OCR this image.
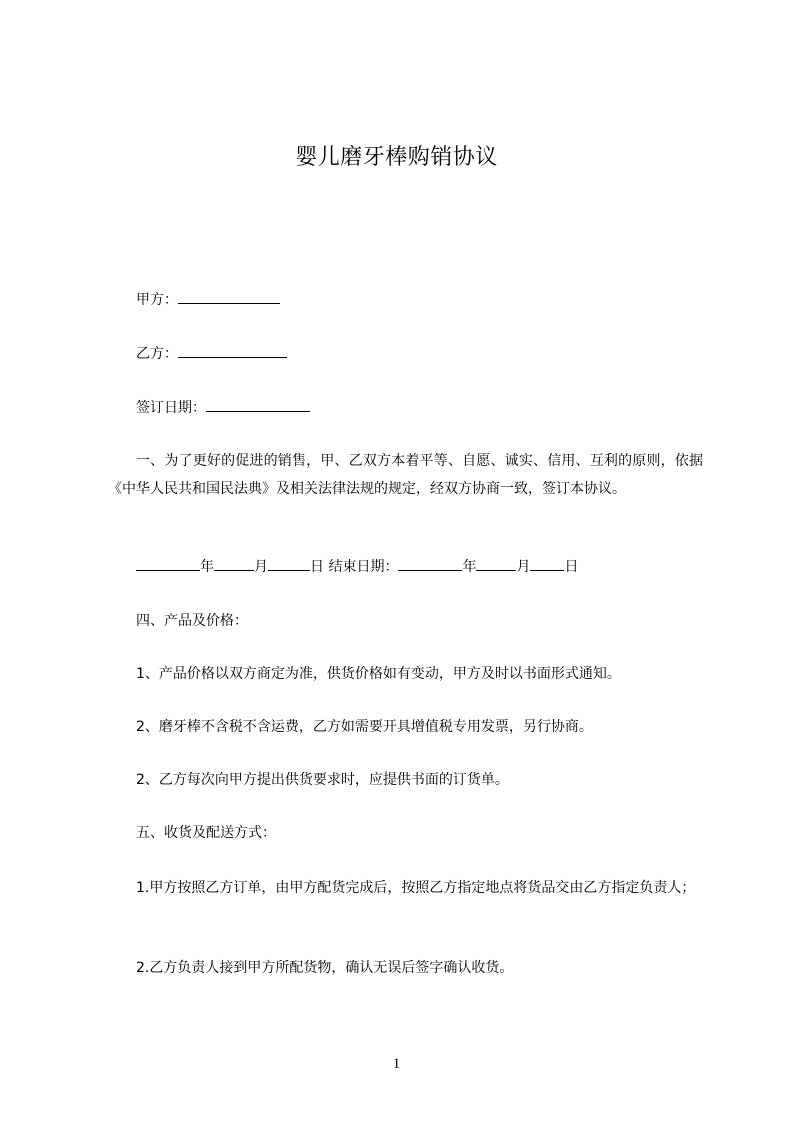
婴儿磨牙棒购销协议
甲方：
乙方：
签订日期：
一、为了更好的促进的销售，甲、乙双方本着平等、自愿、诚实、信用、互利的原则，依据《中华人民共和国民法典》及相关法律法规的规定，经双方协商一致，签订本协议。
年	月	日 结束日期：	年	月 日
四、产品及价格：
1、产品价格以双方商定为准，供货价格如有变动，甲方及时以书面形式通知。
2、磨牙棒不含税不含运费，乙方如需要开具增值税专用发票，另行协商。
2、乙方每次向甲方提出供货要求时，应提供书面的订货单。
五、收货及配送方式：
1.甲方按照乙方订单，由甲方配货完成后，按照乙方指定地点将货品交由乙方指定负责人；
2.乙方负责人接到甲方所配货物，确认无误后签字确认收货。
1
